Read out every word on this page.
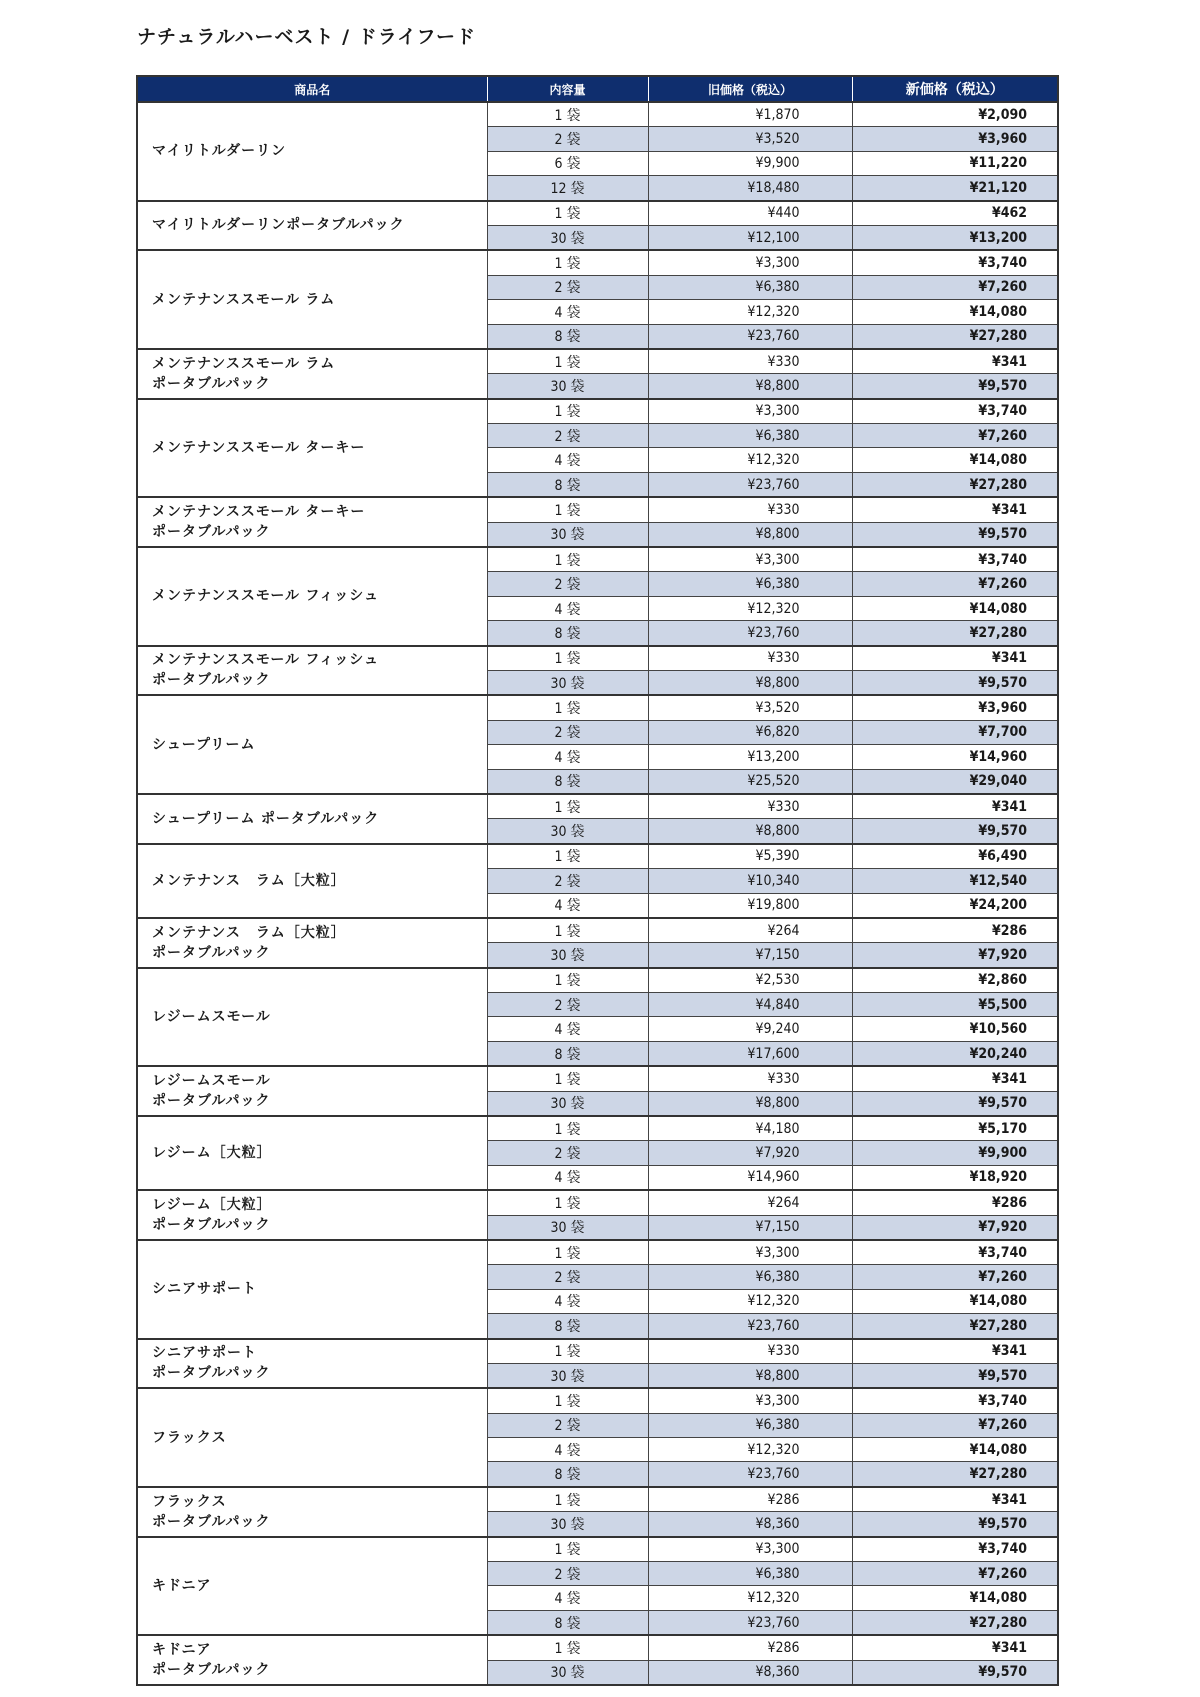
ナチュラルハーベスト / ドライフード
商品名	内容量	旧価格（税込）	新価格（税込）

マイリトルダーリン	1 袋	¥1,870	¥2,090
	2 袋	¥3,520	¥3,960
	6 袋	¥9,900	¥11,220
	12 袋	¥18,480	¥21,120

マイリトルダーリンポータブルパック	1 袋	¥440	¥462
	30 袋	¥12,100	¥13,200

メンテナンススモール ラム	1 袋	¥3,300	¥3,740
	2 袋	¥6,380	¥7,260
	4 袋	¥12,320	¥14,080
	8 袋	¥23,760	¥27,280

メンテナンススモール ラム
ポータブルパック	1 袋	¥330	¥341
	30 袋	¥8,800	¥9,570

メンテナンススモール ターキー	1 袋	¥3,300	¥3,740
	2 袋	¥6,380	¥7,260
	4 袋	¥12,320	¥14,080
	8 袋	¥23,760	¥27,280

メンテナンススモール ターキー
ポータブルパック	1 袋	¥330	¥341
	30 袋	¥8,800	¥9,570

メンテナンススモール フィッシュ	1 袋	¥3,300	¥3,740
	2 袋	¥6,380	¥7,260
	4 袋	¥12,320	¥14,080
	8 袋	¥23,760	¥27,280

メンテナンススモール フィッシュ
ポータブルパック	1 袋	¥330	¥341
	30 袋	¥8,800	¥9,570

シュープリーム	1 袋	¥3,520	¥3,960
	2 袋	¥6,820	¥7,700
	4 袋	¥13,200	¥14,960
	8 袋	¥25,520	¥29,040

シュープリーム ポータブルパック	1 袋	¥330	¥341
	30 袋	¥8,800	¥9,570

メンテナンス　ラム［大粒］	1 袋	¥5,390	¥6,490
	2 袋	¥10,340	¥12,540
	4 袋	¥19,800	¥24,200

メンテナンス　ラム［大粒］
ポータブルパック	1 袋	¥264	¥286
	30 袋	¥7,150	¥7,920

レジームスモール	1 袋	¥2,530	¥2,860
	2 袋	¥4,840	¥5,500
	4 袋	¥9,240	¥10,560
	8 袋	¥17,600	¥20,240

レジームスモール
ポータブルパック	1 袋	¥330	¥341
	30 袋	¥8,800	¥9,570

レジーム［大粒］	1 袋	¥4,180	¥5,170
	2 袋	¥7,920	¥9,900
	4 袋	¥14,960	¥18,920

レジーム［大粒］
ポータブルパック	1 袋	¥264	¥286
	30 袋	¥7,150	¥7,920

シニアサポート	1 袋	¥3,300	¥3,740
	2 袋	¥6,380	¥7,260
	4 袋	¥12,320	¥14,080
	8 袋	¥23,760	¥27,280

シニアサポート
ポータブルパック	1 袋	¥330	¥341
	30 袋	¥8,800	¥9,570

フラックス	1 袋	¥3,300	¥3,740
	2 袋	¥6,380	¥7,260
	4 袋	¥12,320	¥14,080
	8 袋	¥23,760	¥27,280

フラックス
ポータブルパック	1 袋	¥286	¥341
	30 袋	¥8,360	¥9,570

キドニア	1 袋	¥3,300	¥3,740
	2 袋	¥6,380	¥7,260
	4 袋	¥12,320	¥14,080
	8 袋	¥23,760	¥27,280

キドニア
ポータブルパック	1 袋	¥286	¥341
	30 袋	¥8,360	¥9,570
